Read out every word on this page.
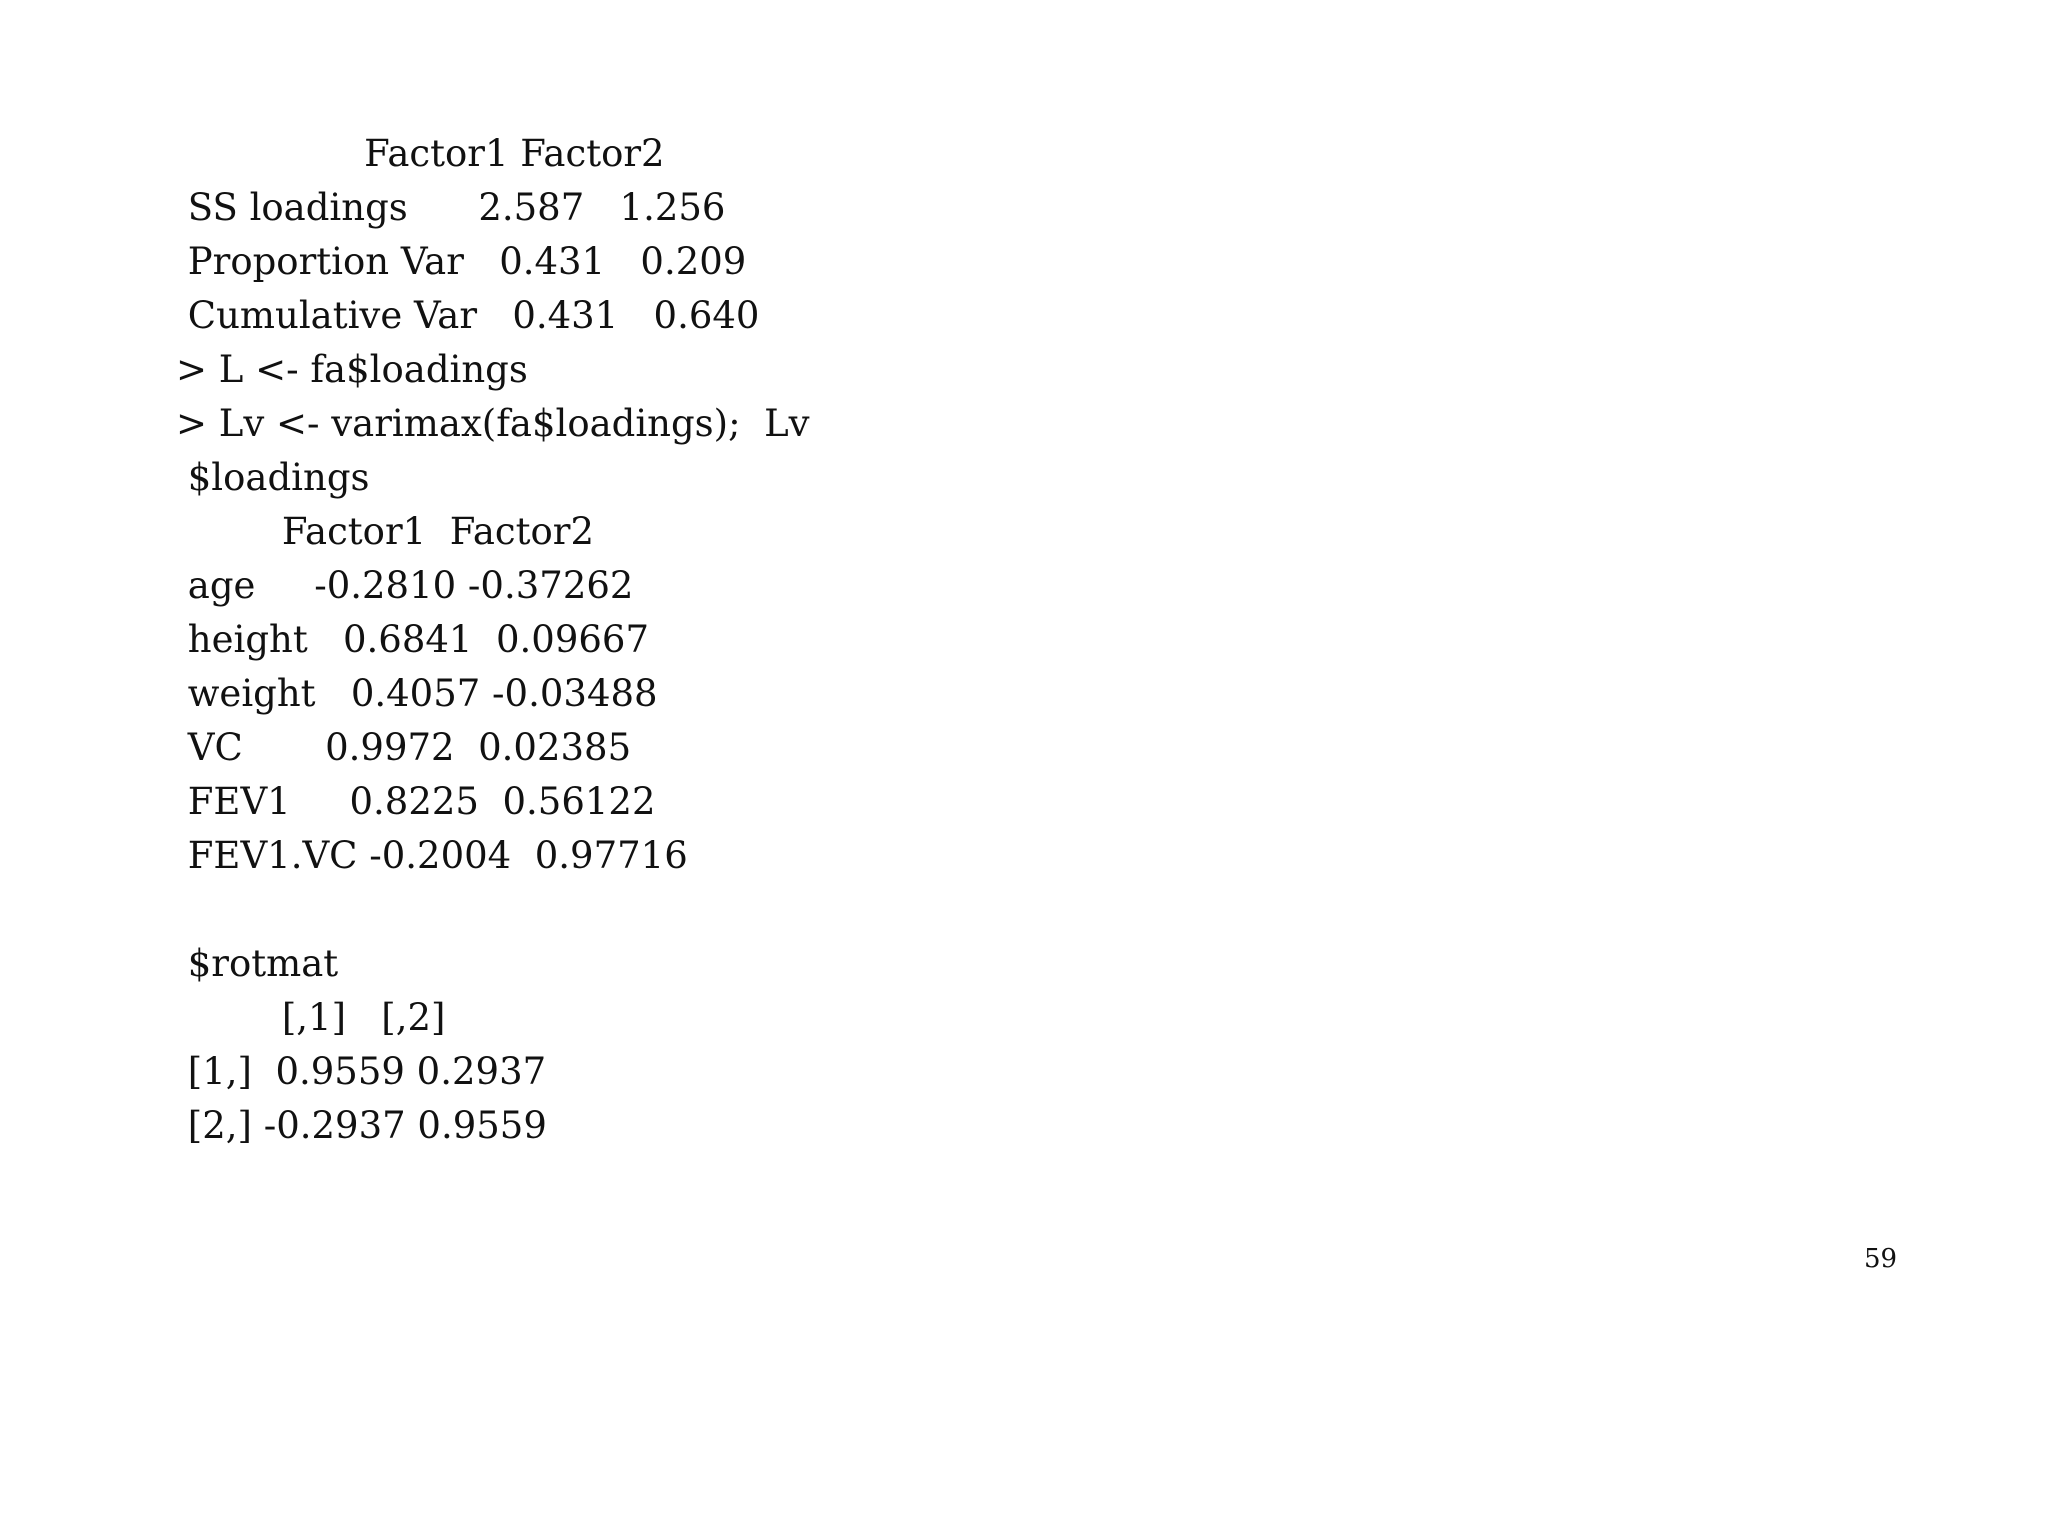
Factor1 Factor2
SS loadings      2.587   1.256
Proportion Var   0.431   0.209
Cumulative Var   0.431   0.640
> L <- fa$loadings
> Lv <- varimax(fa$loadings);  Lv
$loadings
Factor1  Factor2
age     -0.2810 -0.37262
height   0.6841  0.09667
weight   0.4057 -0.03488
VC       0.9972  0.02385
FEV1     0.8225  0.56122
FEV1.VC -0.2004  0.97716
$rotmat
[,1]   [,2]
[1,]  0.9559 0.2937
[2,] -0.2937 0.9559
59
